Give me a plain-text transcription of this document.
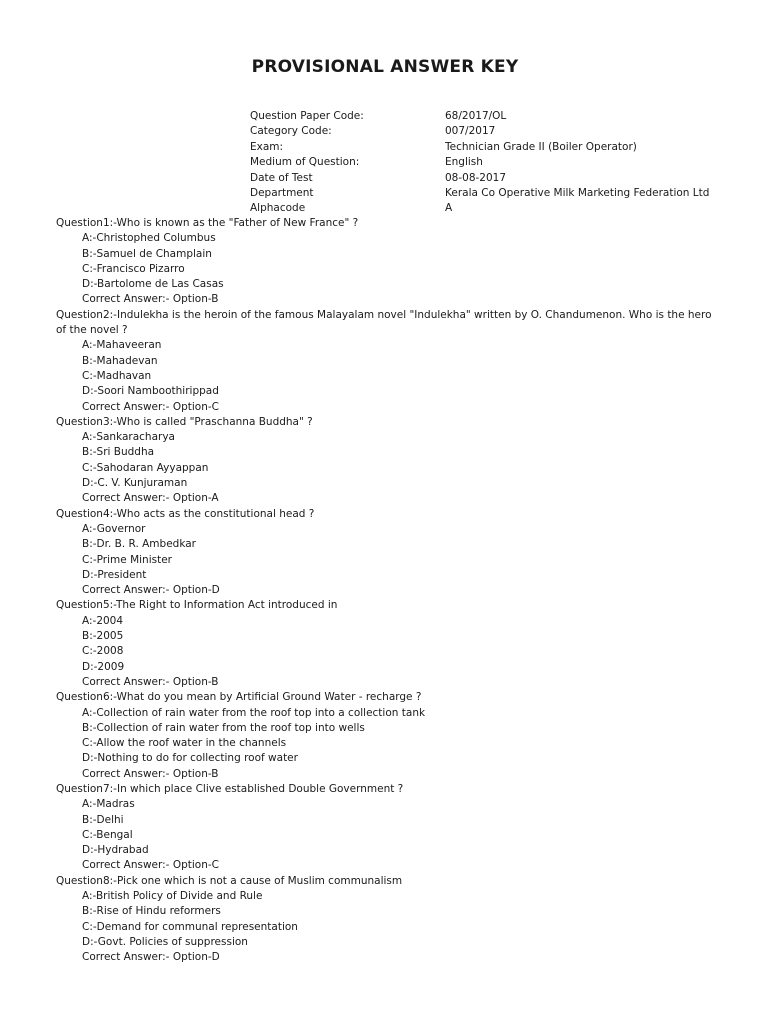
PROVISIONAL ANSWER KEY
Question Paper Code:	68/2017/OL
Category Code:	007/2017
Exam:	Technician Grade II (Boiler Operator)
Medium of Question:	English
Date of Test	08-08-2017
Department	Kerala Co Operative Milk Marketing Federation Ltd
Alphacode	A
Question1:-Who is known as the "Father of New France" ?
A:-Christophed Columbus
B:-Samuel de Champlain
C:-Francisco Pizarro
D:-Bartolome de Las Casas
Correct Answer:- Option-B
Question2:-Indulekha is the heroin of the famous Malayalam novel "Indulekha" written by O. Chandumenon. Who is the hero of the novel ?
A:-Mahaveeran
B:-Mahadevan
C:-Madhavan
D:-Soori Namboothirippad
Correct Answer:- Option-C
Question3:-Who is called "Praschanna Buddha" ?
A:-Sankaracharya
B:-Sri Buddha
C:-Sahodaran Ayyappan
D:-C. V. Kunjuraman
Correct Answer:- Option-A
Question4:-Who acts as the constitutional head ?
A:-Governor
B:-Dr. B. R. Ambedkar
C:-Prime Minister
D:-President
Correct Answer:- Option-D
Question5:-The Right to Information Act introduced in
A:-2004
B:-2005
C:-2008
D:-2009
Correct Answer:- Option-B
Question6:-What do you mean by Artificial Ground Water - recharge ?
A:-Collection of rain water from the roof top into a collection tank
B:-Collection of rain water from the roof top into wells
C:-Allow the roof water in the channels
D:-Nothing to do for collecting roof water
Correct Answer:- Option-B
Question7:-In which place Clive established Double Government ?
A:-Madras
B:-Delhi
C:-Bengal
D:-Hydrabad
Correct Answer:- Option-C
Question8:-Pick one which is not a cause of Muslim communalism
A:-British Policy of Divide and Rule
B:-Rise of Hindu reformers
C:-Demand for communal representation
D:-Govt. Policies of suppression
Correct Answer:- Option-D
